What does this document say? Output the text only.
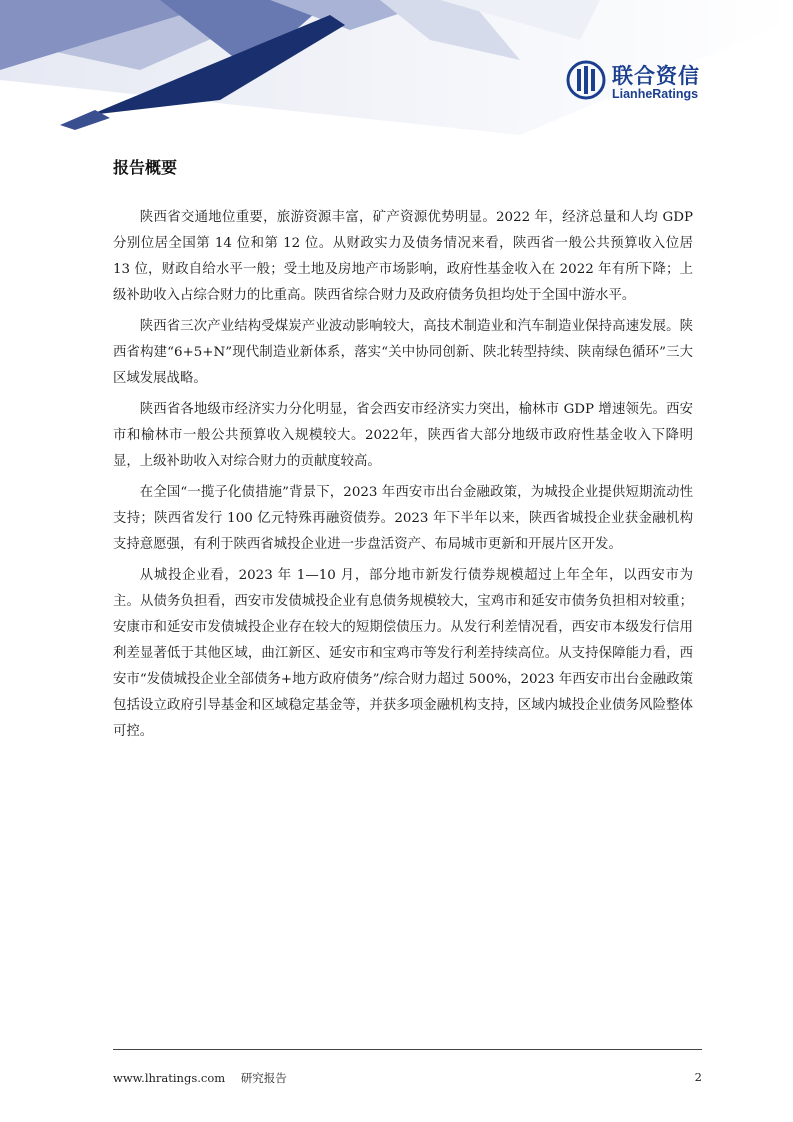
联合资信
LianheRatings
报告概要

陕西省交通地位重要，旅游资源丰富，矿产资源优势明显。2022 年，经济总量和人均 GDP 分别位居全国第 14 位和第 12 位。从财政实力及债务情况来看，陕西省一般公共预算收入位居 13 位，财政自给水平一般；受土地及房地产市场影响，政府性基金收入在 2022 年有所下降；上级补助收入占综合财力的比重高。陕西省综合财力及政府债务负担均处于全国中游水平。

陕西省三次产业结构受煤炭产业波动影响较大，高技术制造业和汽车制造业保持高速发展。陕西省构建“6+5+N”现代制造业新体系，落实“关中协同创新、陕北转型持续、陕南绿色循环”三大区域发展战略。

陕西省各地级市经济实力分化明显，省会西安市经济实力突出，榆林市 GDP 增速领先。西安市和榆林市一般公共预算收入规模较大。2022年，陕西省大部分地级市政府性基金收入下降明显，上级补助收入对综合财力的贡献度较高。

在全国“一揽子化债措施”背景下，2023 年西安市出台金融政策，为城投企业提供短期流动性支持；陕西省发行 100 亿元特殊再融资债券。2023 年下半年以来，陕西省城投企业获金融机构支持意愿强，有利于陕西省城投企业进一步盘活资产、布局城市更新和开展片区开发。

从城投企业看，2023 年 1—10 月，部分地市新发行债券规模超过上年全年，以西安市为主。从债务负担看，西安市发债城投企业有息债务规模较大，宝鸡市和延安市债务负担相对较重；安康市和延安市发债城投企业存在较大的短期偿债压力。从发行利差情况看，西安市本级发行信用利差显著低于其他区域，曲江新区、延安市和宝鸡市等发行利差持续高位。从支持保障能力看，西安市“发债城投企业全部债务+地方政府债务”/综合财力超过 500%，2023 年西安市出台金融政策包括设立政府引导基金和区域稳定基金等，并获多项金融机构支持，区域内城投企业债务风险整体可控。

www.lhratings.com 研究报告	2
